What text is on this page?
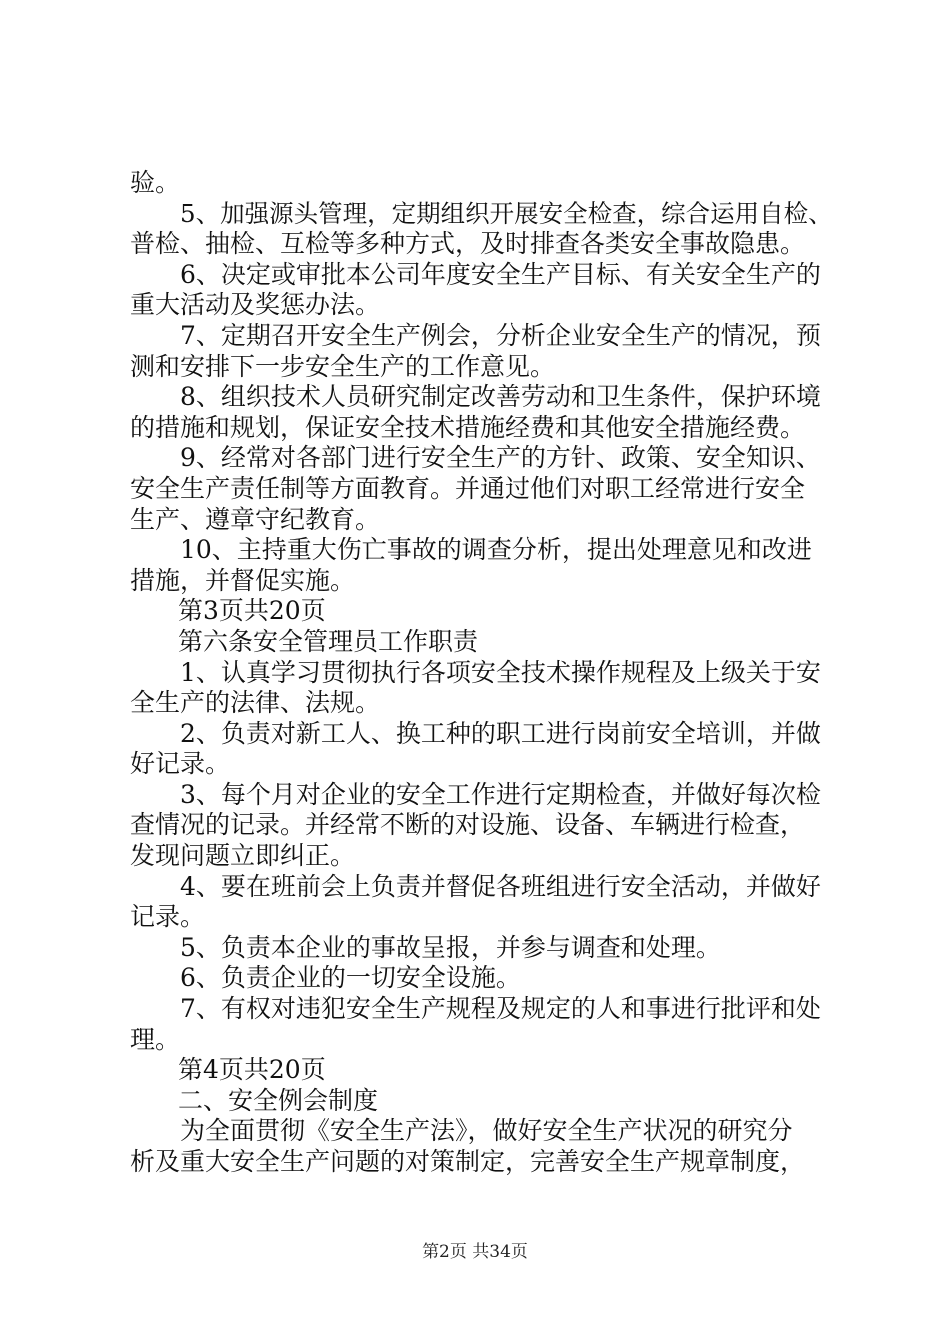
验。
5、加强源头管理，定期组织开展安全检查，综合运用自检、
普检、抽检、互检等多种方式，及时排查各类安全事故隐患。
6、决定或审批本公司年度安全生产目标、有关安全生产的
重大活动及奖惩办法。
7、定期召开安全生产例会，分析企业安全生产的情况，预
测和安排下一步安全生产的工作意见。
8、组织技术人员研究制定改善劳动和卫生条件，保护环境
的措施和规划，保证安全技术措施经费和其他安全措施经费。
9、经常对各部门进行安全生产的方针、政策、安全知识、
安全生产责任制等方面教育。并通过他们对职工经常进行安全
生产、遵章守纪教育。
10、主持重大伤亡事故的调查分析，提出处理意见和改进
措施，并督促实施。
第3页共20页
第六条安全管理员工作职责
1、认真学习贯彻执行各项安全技术操作规程及上级关于安
全生产的法律、法规。
2、负责对新工人、换工种的职工进行岗前安全培训，并做
好记录。
3、每个月对企业的安全工作进行定期检查，并做好每次检
查情况的记录。并经常不断的对设施、设备、车辆进行检查，
发现问题立即纠正。
4、要在班前会上负责并督促各班组进行安全活动，并做好
记录。
5、负责本企业的事故呈报，并参与调查和处理。
6、负责企业的一切安全设施。
7、有权对违犯安全生产规程及规定的人和事进行批评和处
理。
第4页共20页
二、安全例会制度
为全面贯彻《安全生产法》，做好安全生产状况的研究分
析及重大安全生产问题的对策制定，完善安全生产规章制度，
第2页 共34页
